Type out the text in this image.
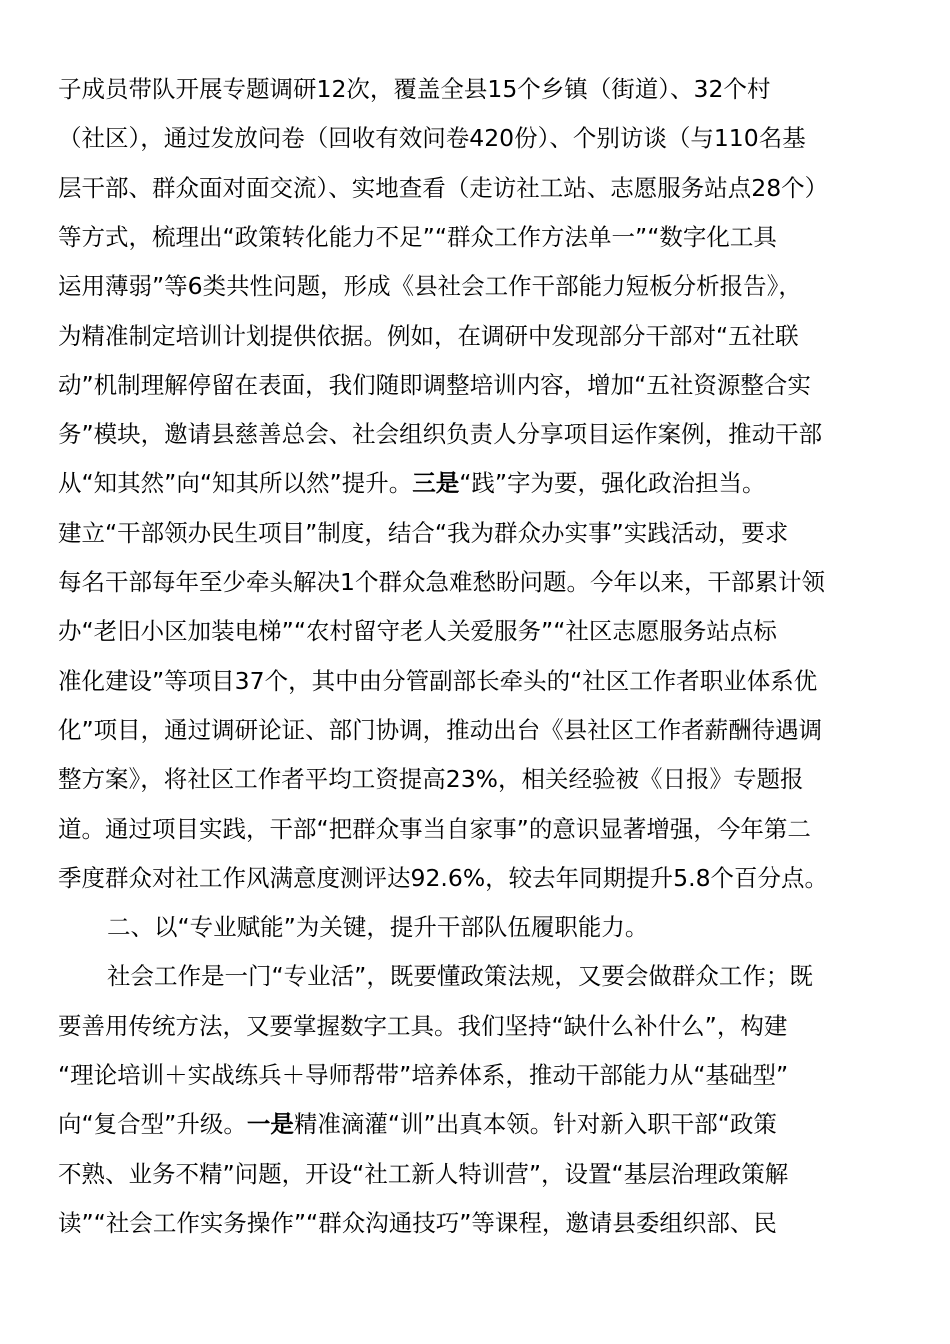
子成员带队开展专题调研12次，覆盖全县15个乡镇（街道）、32个村
（社区），通过发放问卷（回收有效问卷420份）、个别访谈（与110名基
层干部、群众面对面交流）、实地查看（走访社工站、志愿服务站点28个）
等方式，梳理出“政策转化能力不足”“群众工作方法单一”“数字化工具
运用薄弱”等6类共性问题，形成《县社会工作干部能力短板分析报告》，
为精准制定培训计划提供依据。例如，在调研中发现部分干部对“五社联
动”机制理解停留在表面，我们随即调整培训内容，增加“五社资源整合实
务”模块，邀请县慈善总会、社会组织负责人分享项目运作案例，推动干部
从“知其然”向“知其所以然”提升。三是“践”字为要，强化政治担当。
建立“干部领办民生项目”制度，结合“我为群众办实事”实践活动，要求
每名干部每年至少牵头解决1个群众急难愁盼问题。今年以来，干部累计领
办“老旧小区加装电梯”“农村留守老人关爱服务”“社区志愿服务站点标
准化建设”等项目37个，其中由分管副部长牵头的“社区工作者职业体系优
化”项目，通过调研论证、部门协调，推动出台《县社区工作者薪酬待遇调
整方案》，将社区工作者平均工资提高23%，相关经验被《日报》专题报
道。通过项目实践，干部“把群众事当自家事”的意识显著增强，今年第二
季度群众对社工作风满意度测评达92.6%，较去年同期提升5.8个百分点。
二、以“专业赋能”为关键，提升干部队伍履职能力。
社会工作是一门“专业活”，既要懂政策法规，又要会做群众工作；既
要善用传统方法，又要掌握数字工具。我们坚持“缺什么补什么”，构建
“理论培训＋实战练兵＋导师帮带”培养体系，推动干部能力从“基础型”
向“复合型”升级。一是精准滴灌“训”出真本领。针对新入职干部“政策
不熟、业务不精”问题，开设“社工新人特训营”，设置“基层治理政策解
读”“社会工作实务操作”“群众沟通技巧”等课程，邀请县委组织部、民
